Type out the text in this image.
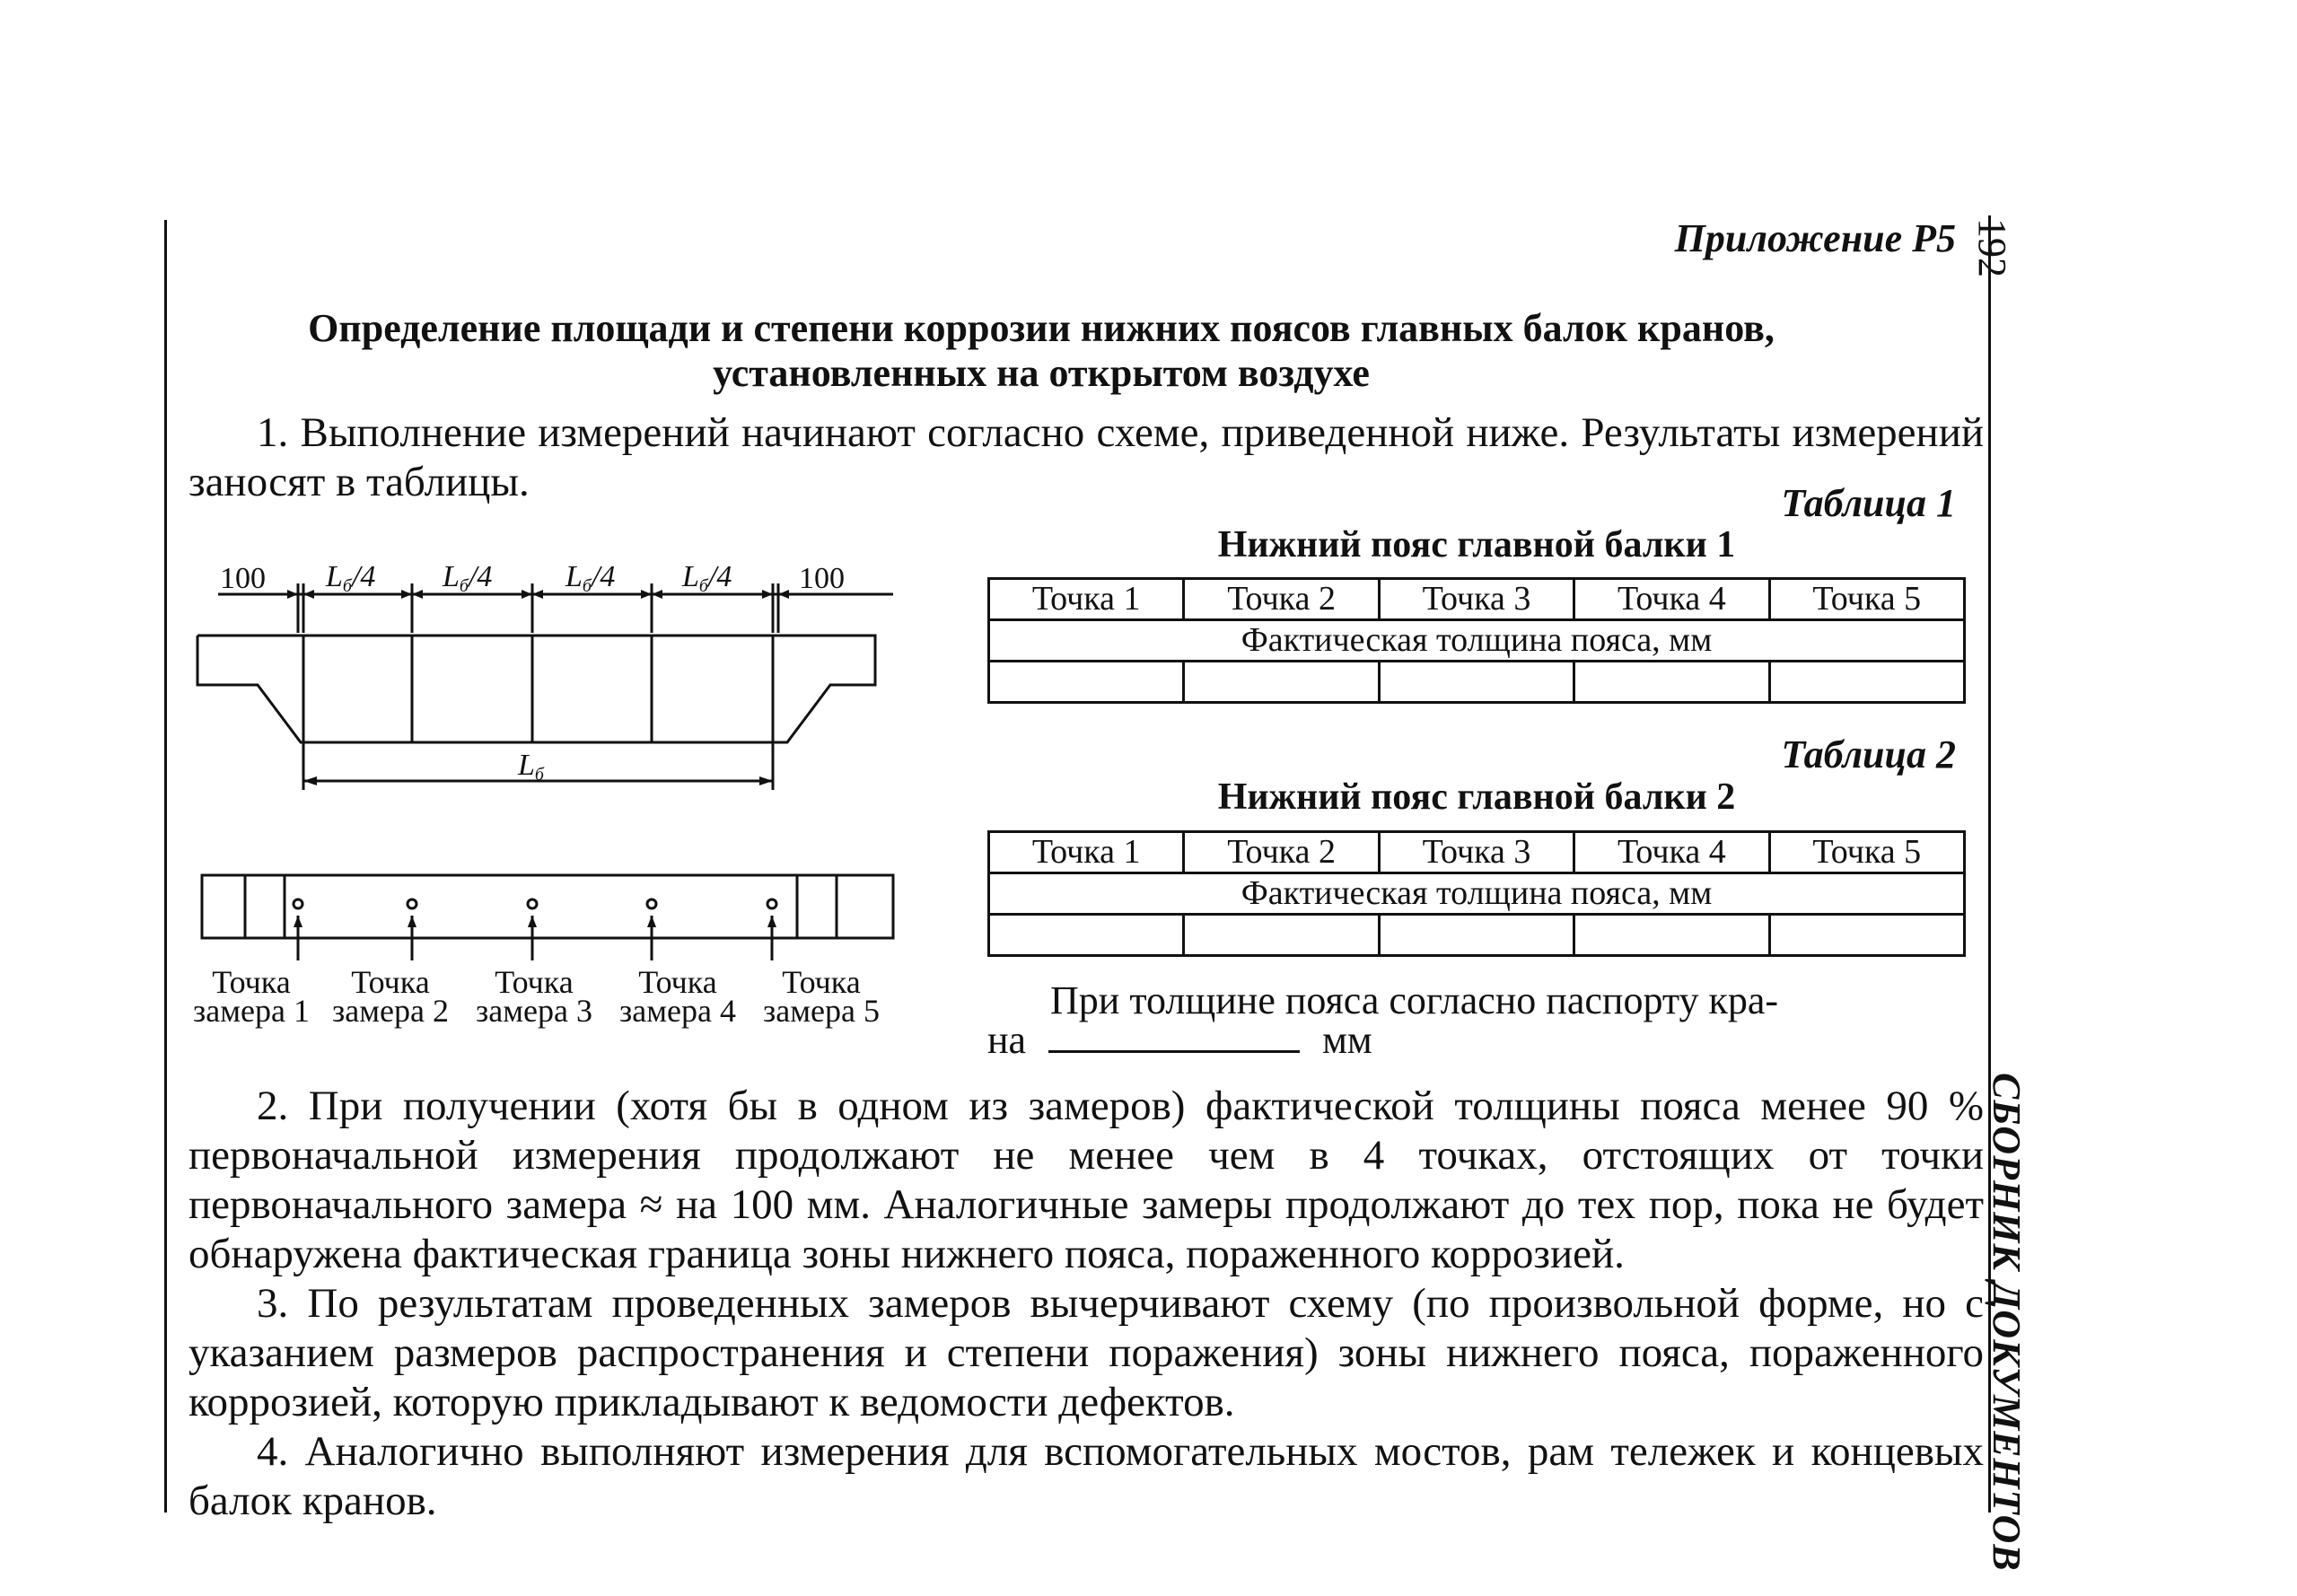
192
СБОРНИК ДОКУМЕНТОВ
Приложение Р5
Определение площади и степени коррозии нижних поясов главных балок кранов,
установленных на открытом воздухе
1. Выполнение измерений начинают согласно схеме, приведенной ниже. Результаты измерений заносят в таблицы.	Таблица 1
Нижний пояс главной балки 1
Точка 1	Точка 2	Точка 3	Точка 4	Точка 5
Фактическая толщина пояса, мм				

Таблица 2
Нижний пояс главной балки 2
Точка 1	Точка 2	Точка 3	Точка 4	Точка 5
Фактическая толщина пояса, мм				

При толщине пояса согласно паспорту кра-
на	мм
100	100
Lб/4 Lб/4 Lб/4 Lб/4
Lб
Точка
замера 1
Точка
замера 2
Точка
замера 3
Точка
замера 4
Точка
замера 5
2. При получении (хотя бы в одном из замеров) фактической толщины пояса менее 90 % первоначальной измерения продолжают не менее чем в 4 точках, отстоящих от точки первоначального замера ≈ на 100 мм. Аналогичные замеры продолжают до тех пор, пока не будет обнаружена фактическая граница зоны нижнего пояса, пораженного коррозией.
3. По результатам проведенных замеров вычерчивают схему (по произвольной форме, но с указанием размеров распространения и степени поражения) зоны нижнего пояса, пораженного коррозией, которую прикладывают к ведомости дефектов.
4. Аналогично выполняют измерения для вспомогательных мостов, рам тележек и концевых балок кранов.
